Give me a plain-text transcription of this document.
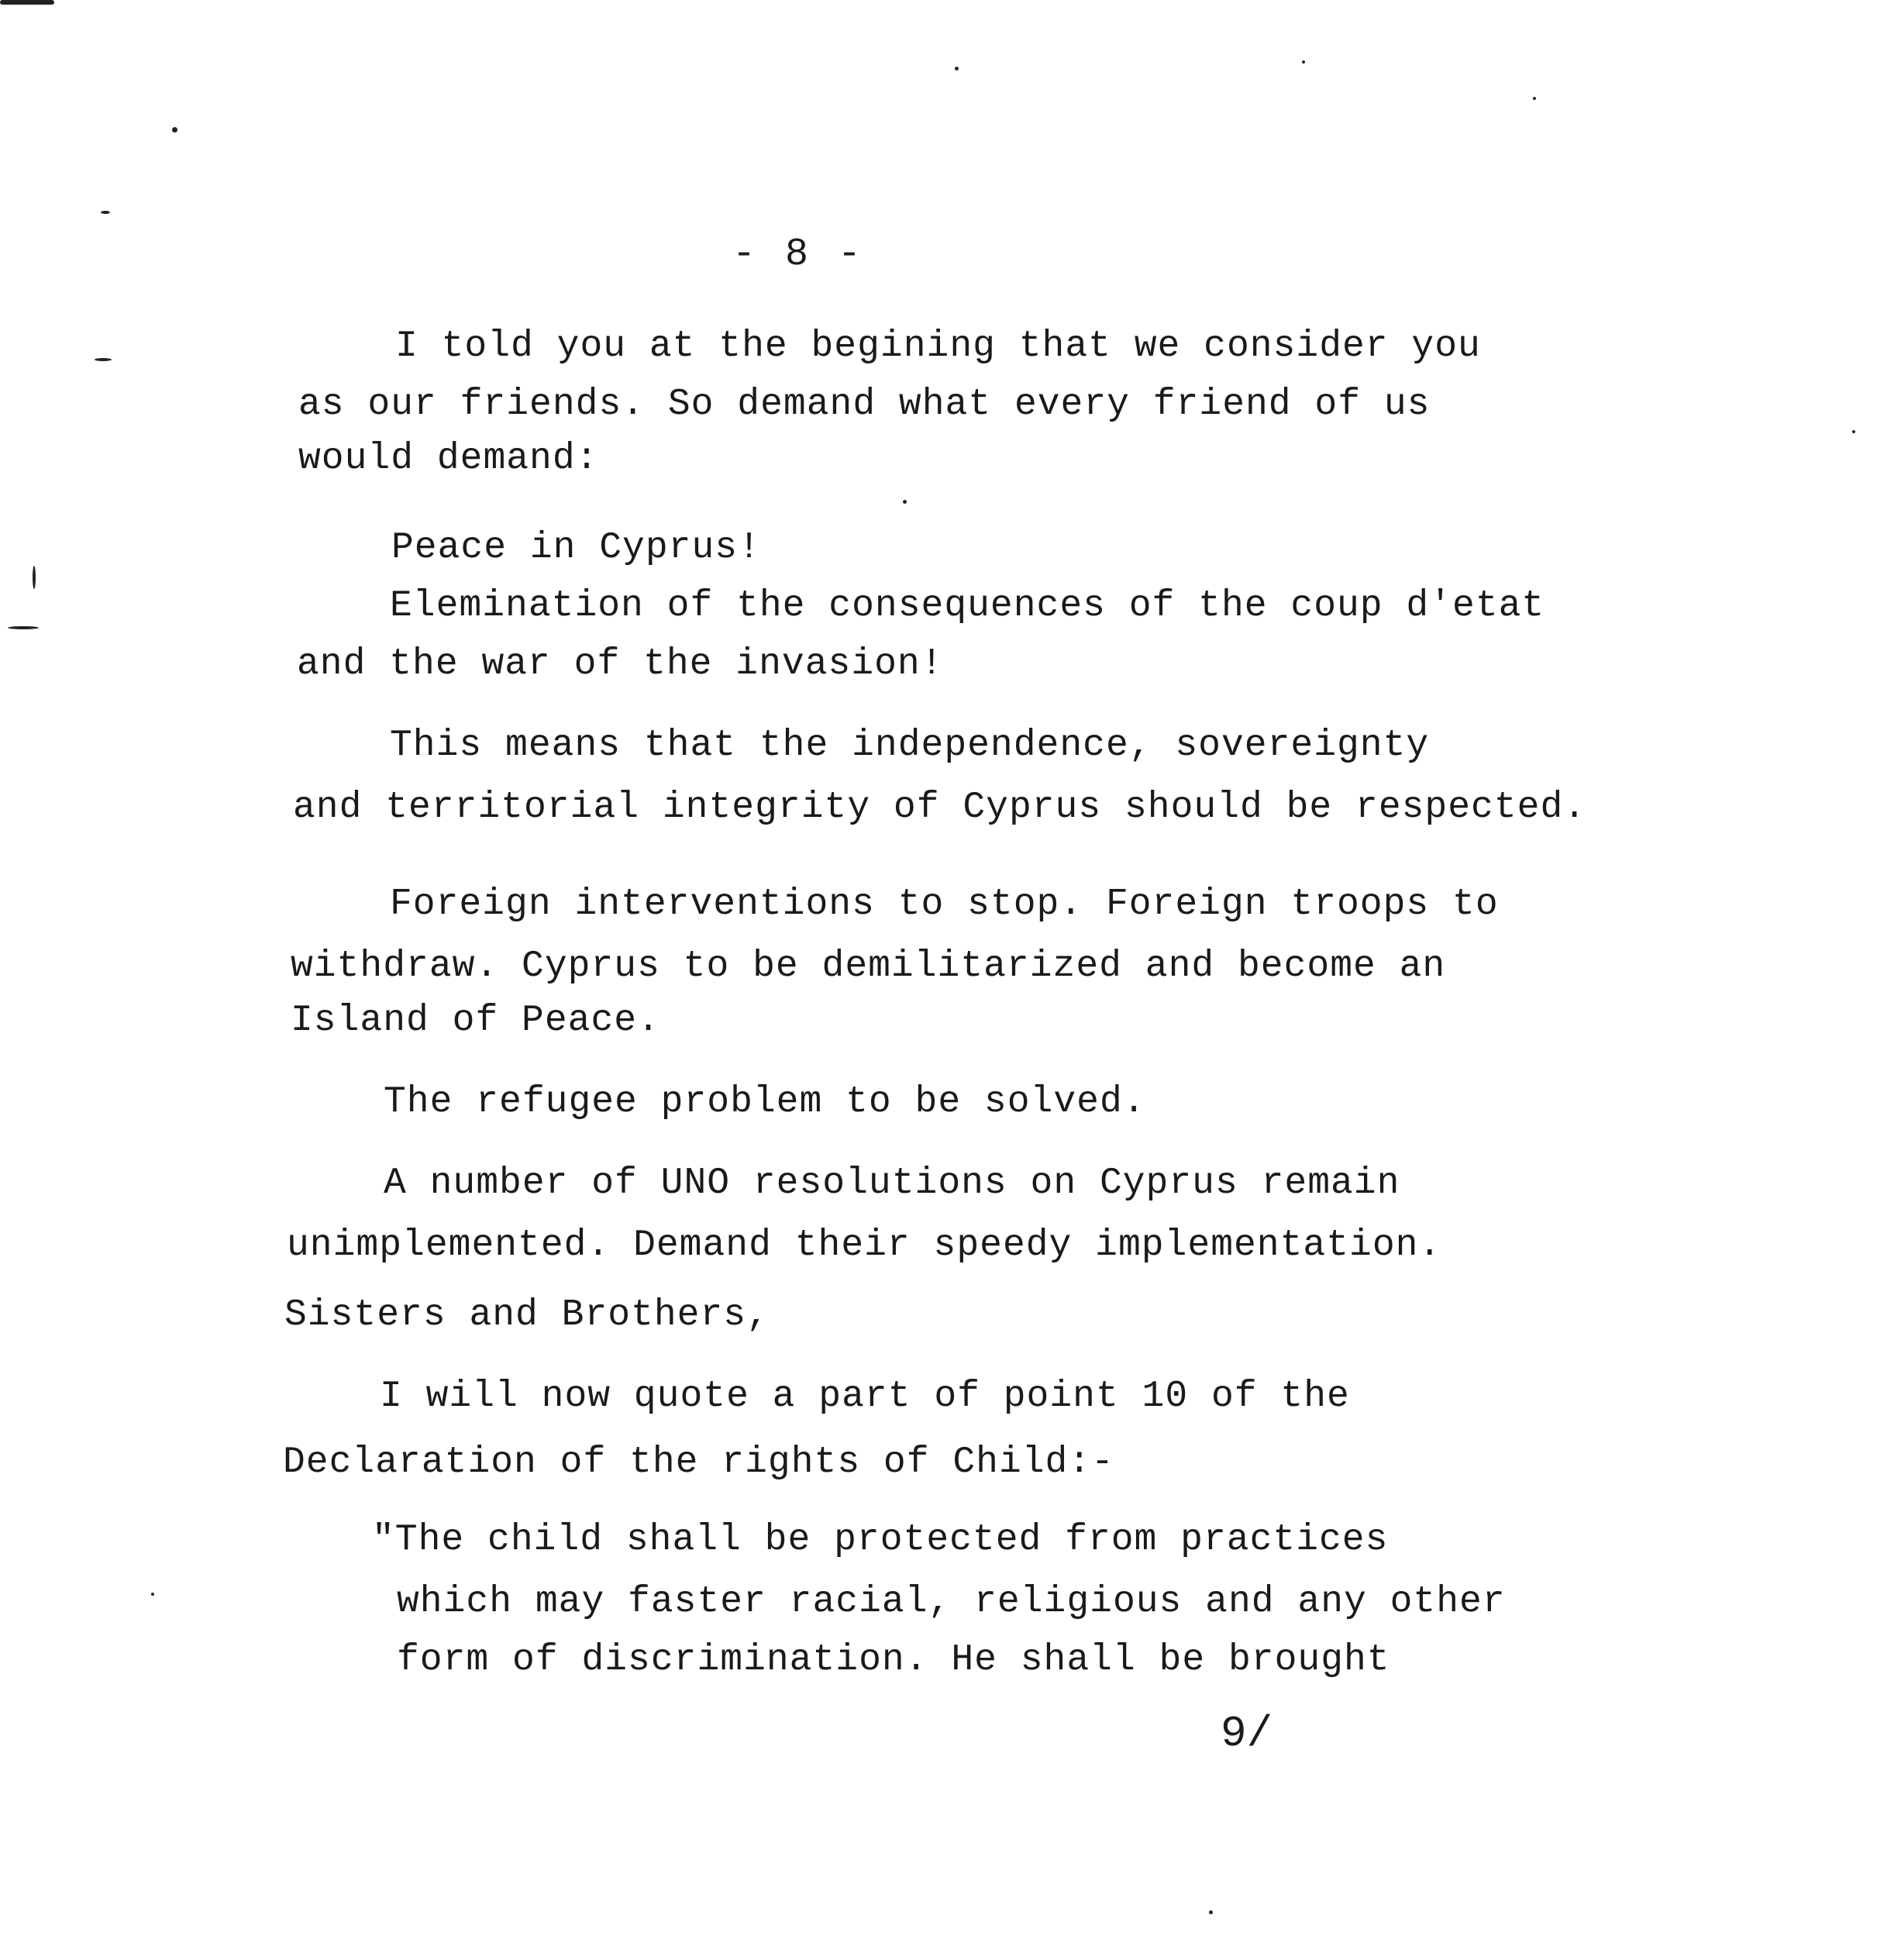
- 8 -
I told you at the begining that we consider you
as our friends. So demand what every friend of us
would demand:
Peace in Cyprus!
Elemination of the consequences of the coup d'etat
and the war of the invasion!
This means that the independence, sovereignty
and territorial integrity of Cyprus should be respected.
Foreign interventions to stop. Foreign troops to
withdraw. Cyprus to be demilitarized and become an
Island of Peace.
The refugee problem to be solved.
A number of UNO resolutions on Cyprus remain
unimplemented. Demand their speedy implementation.
Sisters and Brothers,
I will now quote a part of point 10 of the
Declaration of the rights of Child:-
"The child shall be protected from practices
which may faster racial, religious and any other
form of discrimination. He shall be brought
9/
